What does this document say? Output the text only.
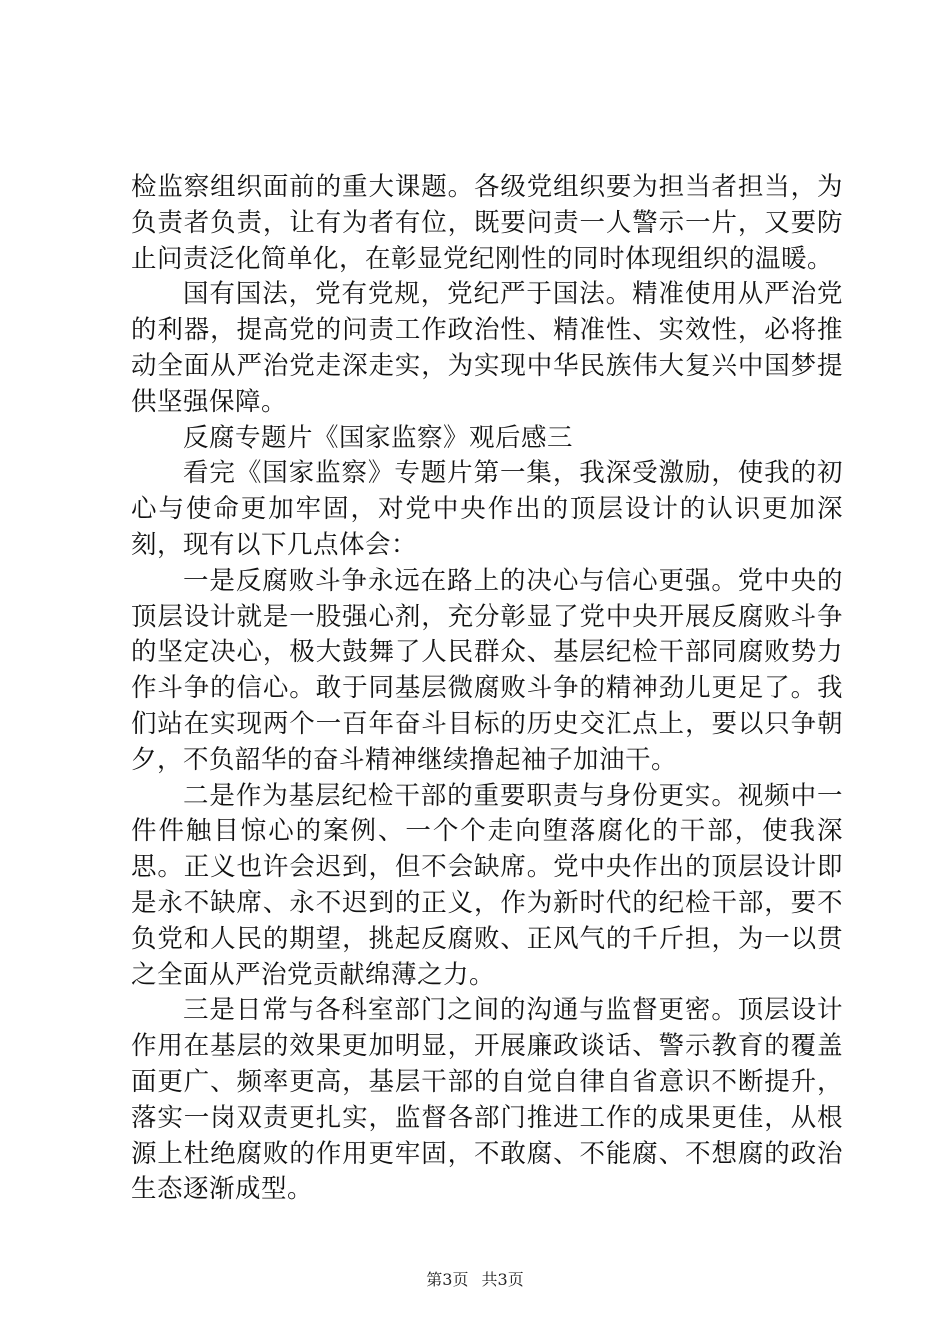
检监察组织面前的重大课题。各级党组织要为担当者担当，为负责者负责，让有为者有位，既要问责一人警示一片，又要防止问责泛化简单化，在彰显党纪刚性的同时体现组织的温暖。

国有国法，党有党规，党纪严于国法。精准使用从严治党的利器，提高党的问责工作政治性、精准性、实效性，必将推动全面从严治党走深走实，为实现中华民族伟大复兴中国梦提供坚强保障。

反腐专题片《国家监察》观后感三

看完《国家监察》专题片第一集，我深受激励，使我的初心与使命更加牢固，对党中央作出的顶层设计的认识更加深刻，现有以下几点体会：

一是反腐败斗争永远在路上的决心与信心更强。党中央的顶层设计就是一股强心剂，充分彰显了党中央开展反腐败斗争的坚定决心，极大鼓舞了人民群众、基层纪检干部同腐败势力作斗争的信心。敢于同基层微腐败斗争的精神劲儿更足了。我们站在实现两个一百年奋斗目标的历史交汇点上，要以只争朝夕，不负韶华的奋斗精神继续撸起袖子加油干。

二是作为基层纪检干部的重要职责与身份更实。视频中一件件触目惊心的案例、一个个走向堕落腐化的干部，使我深思。正义也许会迟到，但不会缺席。党中央作出的顶层设计即是永不缺席、永不迟到的正义，作为新时代的纪检干部，要不负党和人民的期望，挑起反腐败、正风气的千斤担，为一以贯之全面从严治党贡献绵薄之力。

三是日常与各科室部门之间的沟通与监督更密。顶层设计作用在基层的效果更加明显，开展廉政谈话、警示教育的覆盖面更广、频率更高，基层干部的自觉自律自省意识不断提升，落实一岗双责更扎实，监督各部门推进工作的成果更佳，从根源上杜绝腐败的作用更牢固，不敢腐、不能腐、不想腐的政治生态逐渐成型。

第3页 共3页
